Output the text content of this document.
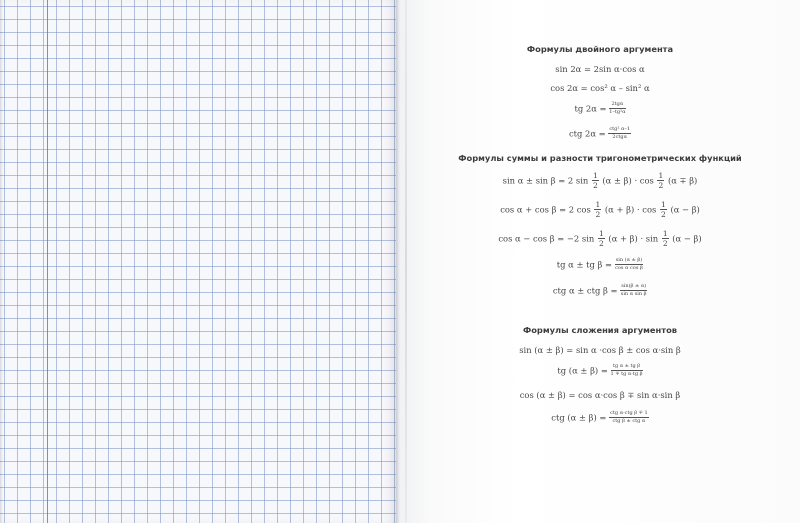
Формулы двойного аргумента
sin 2α = 2sin α·cos α
cos 2α = cos² α – sin² α
tg $2\alpha = \frac{\text{2tgα}}{\text{1–tg²α}}$
ctg $2\alpha = \frac{\text{ctg² α–1}}{\text{2ctgα}}$
Формулы суммы и разности тригонометрических функций
sin α ± sin β = 2 $\sin \frac{1}{2} (\alpha \pm \beta) \cdot \cos \frac{1}{2} (\alpha \mp \beta)$
cos α + cos β = 2 $\cos \frac{1}{2} (\alpha + \beta) \cdot \cos \frac{1}{2} (\alpha - \beta)$
cos α − cos β = −2 $\sin \frac{1}{2} (\alpha + \beta) \cdot \sin \frac{1}{2} (\alpha - \beta)$
tg α ± tg $\beta = \frac{\sin (\alpha \pm \beta)}{\text{cos α cos β}}$
ctg α ± ctg $\beta = \frac{\sin(\beta \pm \alpha)}{\text{sin α sin β}}$
Формулы сложения аргументов
sin (α ± β) = sin α ·cos β ± cos α·sin β
tg $(\alpha \pm \beta) = \frac{\text{tg α ± tg β}}{\text{1 ∓ tg α·tg β}}$
cos (α ± β) = cos α·cos β ∓ sin α·sin β
ctg $(\alpha \pm \beta) = \frac{\text{ctg α·ctg β ∓ 1}}{\text{ctg β ± ctg α}}$
